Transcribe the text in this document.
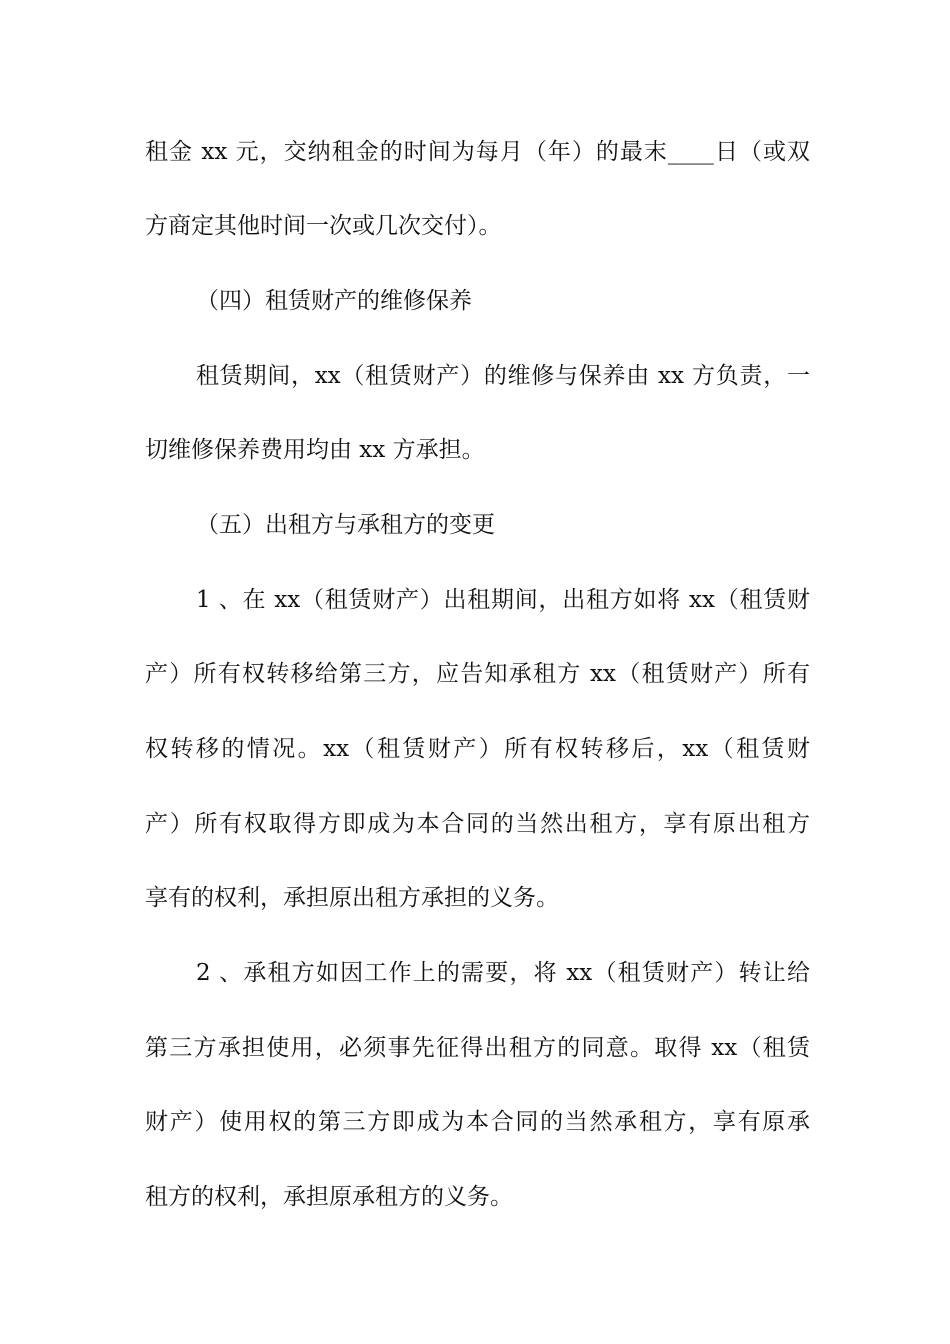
租金 xx 元，交纳租金的时间为每月（年）的最末____日（或双
方商定其他时间一次或几次交付）。
（四）租赁财产的维修保养
租赁期间，xx（租赁财产）的维修与保养由 xx 方负责，一
切维修保养费用均由 xx 方承担。
（五）出租方与承租方的变更
1 、在 xx（租赁财产）出租期间，出租方如将 xx（租赁财
产）所有权转移给第三方，应告知承租方 xx（租赁财产）所有
权转移的情况。xx（租赁财产）所有权转移后，xx（租赁财
产）所有权取得方即成为本合同的当然出租方，享有原出租方
享有的权利，承担原出租方承担的义务。
2 、承租方如因工作上的需要，将 xx（租赁财产）转让给
第三方承担使用，必须事先征得出租方的同意。取得 xx（租赁
财产）使用权的第三方即成为本合同的当然承租方，享有原承
租方的权利，承担原承租方的义务。
